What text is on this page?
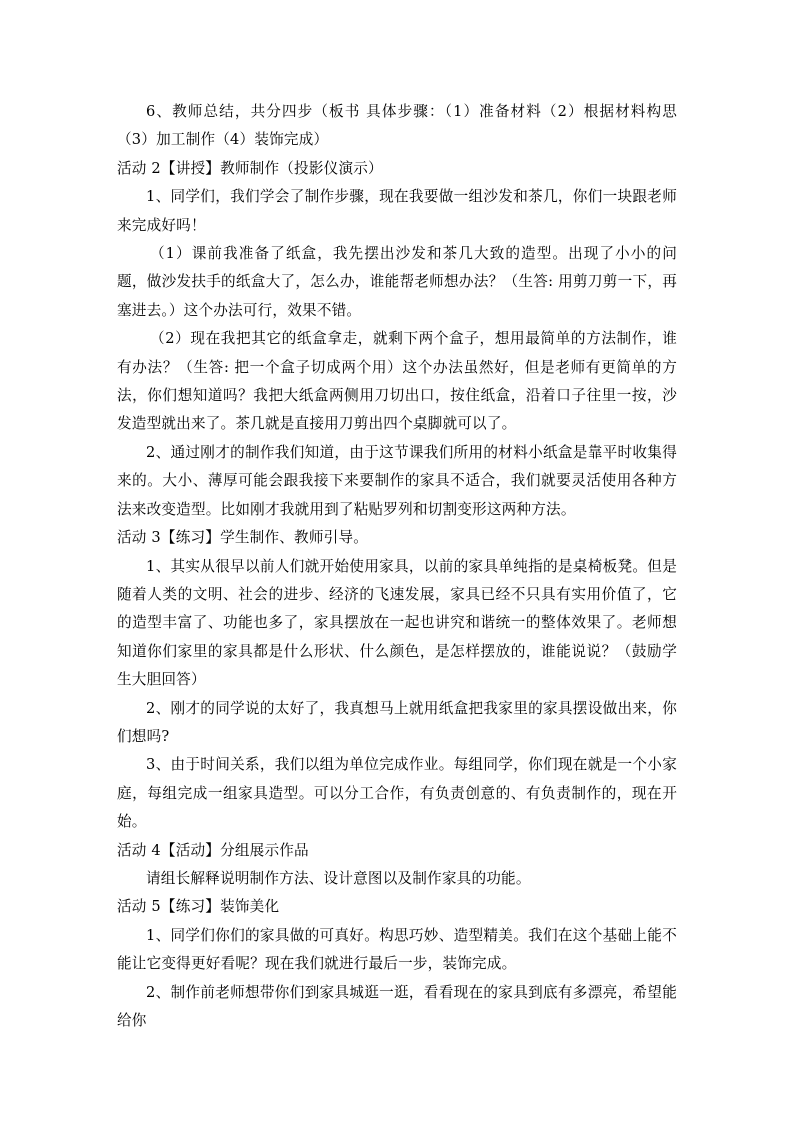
6、教师总结，共分四步（板书 具体步骤：（1）准备材料（2）根据材料构思（3）加工制作（4）装饰完成）

活动 2【讲授】教师制作（投影仪演示）

1、同学们，我们学会了制作步骤，现在我要做一组沙发和茶几，你们一块跟老师来完成好吗！

（1）课前我准备了纸盒，我先摆出沙发和茶几大致的造型。出现了小小的问题，做沙发扶手的纸盒大了，怎么办，谁能帮老师想办法？（生答: 用剪刀剪一下，再塞进去。）这个办法可行，效果不错。

（2）现在我把其它的纸盒拿走，就剩下两个盒子，想用最简单的方法制作，谁有办法？（生答: 把一个盒子切成两个用）这个办法虽然好，但是老师有更简单的方法，你们想知道吗？我把大纸盒两侧用刀切出口，按住纸盒，沿着口子往里一按，沙发造型就出来了。茶几就是直接用刀剪出四个桌脚就可以了。

2、通过刚才的制作我们知道，由于这节课我们所用的材料小纸盒是靠平时收集得来的。大小、薄厚可能会跟我接下来要制作的家具不适合，我们就要灵活使用各种方法来改变造型。比如刚才我就用到了粘贴罗列和切割变形这两种方法。

活动 3【练习】学生制作、教师引导。

1、其实从很早以前人们就开始使用家具，以前的家具单纯指的是桌椅板凳。但是随着人类的文明、社会的进步、经济的飞速发展，家具已经不只具有实用价值了，它的造型丰富了、功能也多了，家具摆放在一起也讲究和谐统一的整体效果了。老师想知道你们家里的家具都是什么形状、什么颜色，是怎样摆放的，谁能说说？（鼓励学生大胆回答）

2、刚才的同学说的太好了，我真想马上就用纸盒把我家里的家具摆设做出来，你们想吗?

3、由于时间关系，我们以组为单位完成作业。每组同学，你们现在就是一个小家庭，每组完成一组家具造型。可以分工合作，有负责创意的、有负责制作的，现在开始。

活动 4【活动】分组展示作品

请组长解释说明制作方法、设计意图以及制作家具的功能。

活动 5【练习】装饰美化

1、同学们你们的家具做的可真好。构思巧妙、造型精美。我们在这个基础上能不能让它变得更好看呢？现在我们就进行最后一步，装饰完成。

2、制作前老师想带你们到家具城逛一逛，看看现在的家具到底有多漂亮，希望能给你
